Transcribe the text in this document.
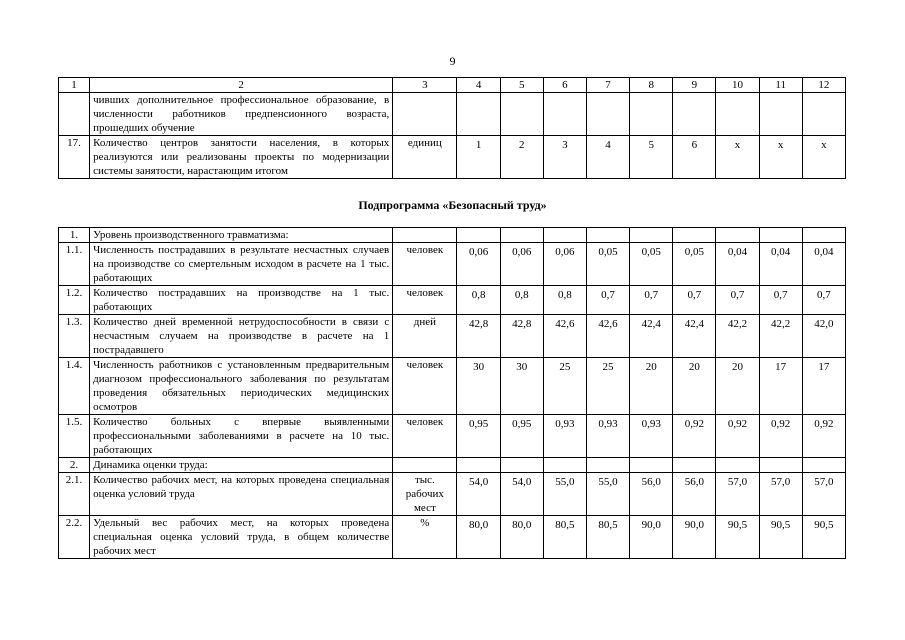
9
1	2	3	4	5	6	7	8	9	10	11	12
	чивших дополнительное профессиональное образование, в численности работников предпенсионного возраста, прошедших обучение										
17.	Количество центров занятости населения, в которых реализуются или реализованы проекты по модернизации системы занятости, нарастающим итогом	единиц	1	2	3	4	5	6	x	x	x
Подпрограмма «Безопасный труд»
1.	Уровень производственного травматизма:										
1.1.	Численность пострадавших в результате несчастных случаев на производстве со смертельным исходом в расчете на 1 тыс. работающих	человек	0,06	0,06	0,06	0,05	0,05	0,05	0,04	0,04	0,04
1.2.	Количество пострадавших на производстве на 1 тыс. работающих	человек	0,8	0,8	0,8	0,7	0,7	0,7	0,7	0,7	0,7
1.3.	Количество дней временной нетрудоспособности в связи с несчастным случаем на производстве в расчете на 1 пострадавшего	дней	42,8	42,8	42,6	42,6	42,4	42,4	42,2	42,2	42,0
1.4.	Численность работников с установленным предварительным диагнозом профессионального заболевания по результатам проведения обязательных периодических медицинских осмотров	человек	30	30	25	25	20	20	20	17	17
1.5.	Количество больных с впервые выявленными профессиональными заболеваниями в расчете на 10 тыс. работающих	человек	0,95	0,95	0,93	0,93	0,93	0,92	0,92	0,92	0,92
2.	Динамика оценки труда:										
2.1.	Количество рабочих мест, на которых проведена специальная оценка условий труда	тыс. рабочих мест	54,0	54,0	55,0	55,0	56,0	56,0	57,0	57,0	57,0
2.2.	Удельный вес рабочих мест, на которых проведена специальная оценка условий труда, в общем количестве рабочих мест	%	80,0	80,0	80,5	80,5	90,0	90,0	90,5	90,5	90,5
